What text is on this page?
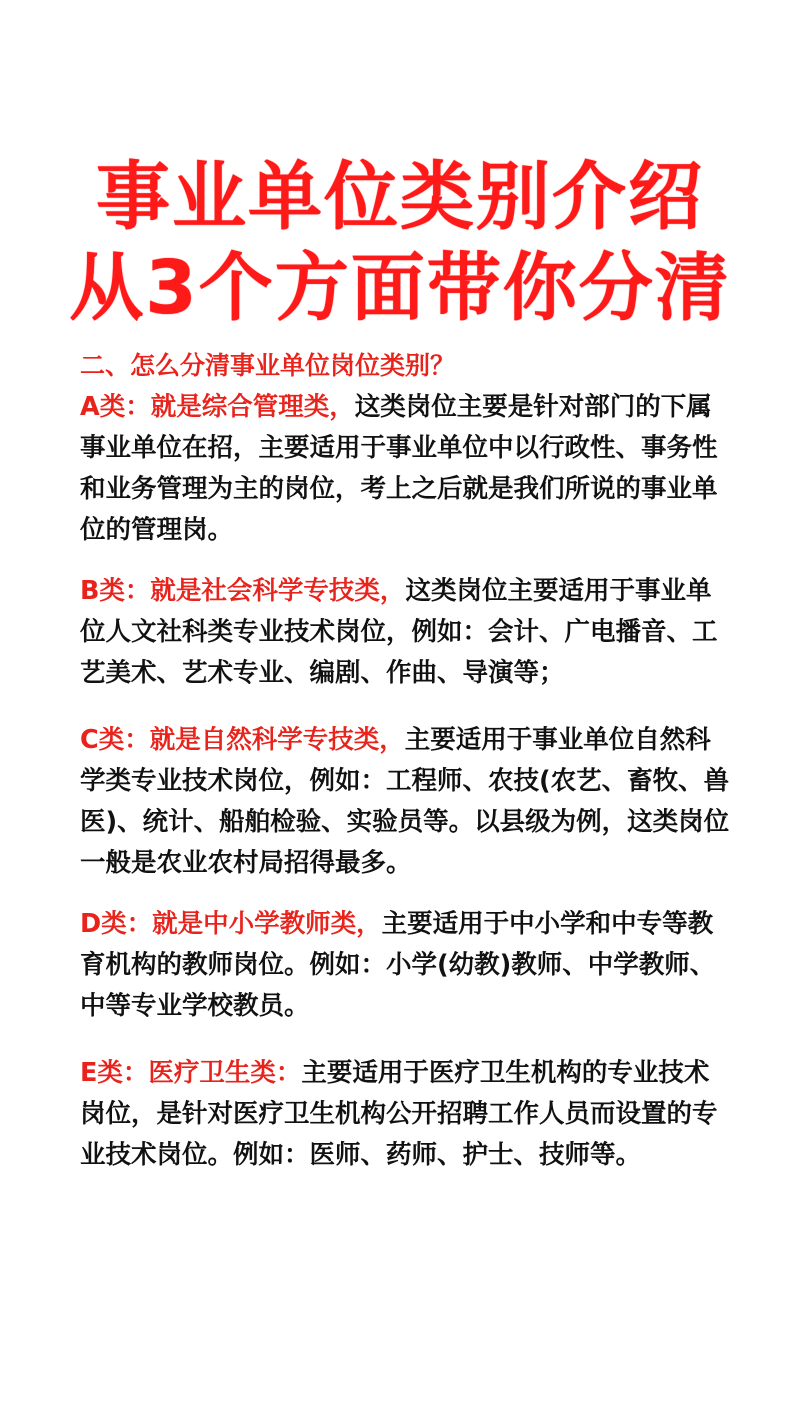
事业单位类别介绍
从3个方面带你分清
二、怎么分清事业单位岗位类别？
A类：就是综合管理类，这类岗位主要是针对部门的下属事业单位在招，主要适用于事业单位中以行政性、事务性和业务管理为主的岗位，考上之后就是我们所说的事业单位的管理岗。
B类：就是社会科学专技类，这类岗位主要适用于事业单位人文社科类专业技术岗位，例如：会计、广电播音、工艺美术、艺术专业、编剧、作曲、导演等；
C类：就是自然科学专技类，主要适用于事业单位自然科学类专业技术岗位，例如：工程师、农技(农艺、畜牧、兽医)、统计、船舶检验、实验员等。以县级为例，这类岗位一般是农业农村局招得最多。
D类：就是中小学教师类，主要适用于中小学和中专等教育机构的教师岗位。例如：小学(幼教)教师、中学教师、中等专业学校教员。
E类：医疗卫生类：主要适用于医疗卫生机构的专业技术岗位，是针对医疗卫生机构公开招聘工作人员而设置的专业技术岗位。例如：医师、药师、护士、技师等。
